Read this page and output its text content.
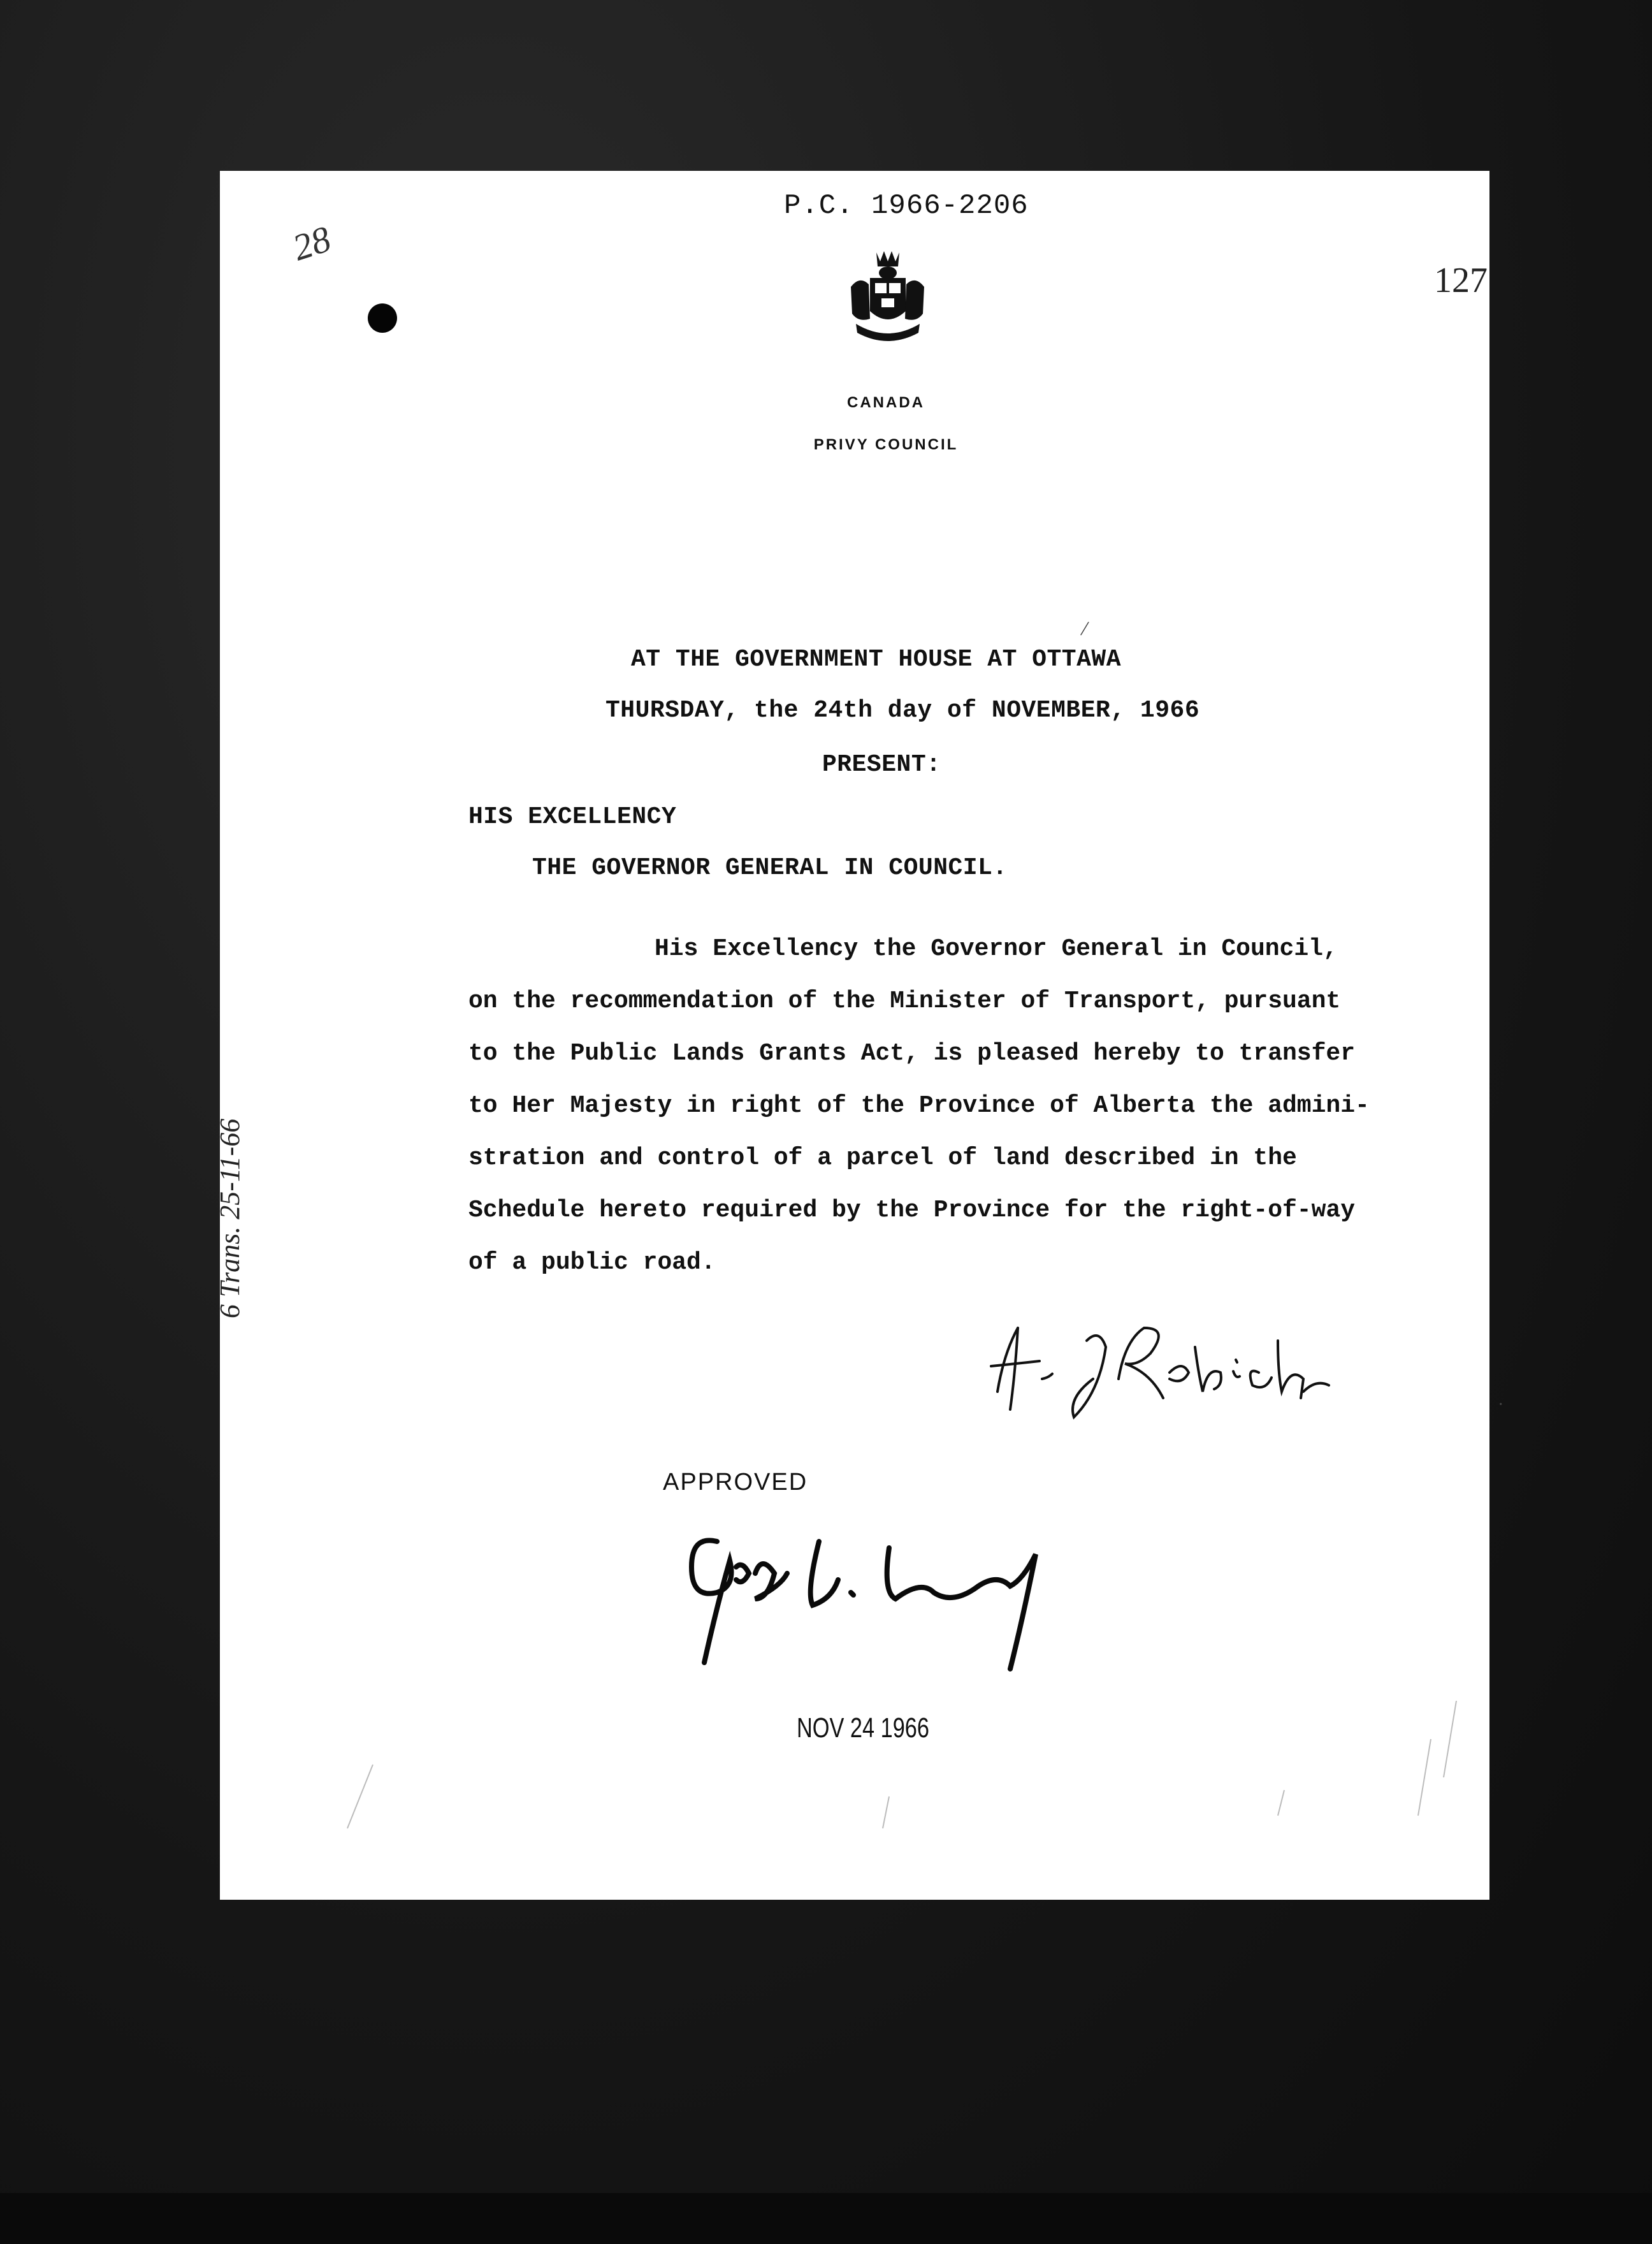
P.C. 1966-2206
127
28
CANADA
PRIVY COUNCIL
/
·
AT THE GOVERNMENT HOUSE AT OTTAWA
THURSDAY, the 24th day of NOVEMBER, 1966
PRESENT:
HIS EXCELLENCY
THE GOVERNOR GENERAL IN COUNCIL.
His Excellency the Governor General in Council,
on the recommendation of the Minister of Transport, pursuant
to the Public Lands Grants Act, is pleased hereby to transfer
to Her Majesty in right of the Province of Alberta the admini-
stration and control of a parcel of land described in the
Schedule hereto required by the Province for the right-of-way
of a public road.
6 Trans. 25-11-66
APPROVED
NOV 24 1966
